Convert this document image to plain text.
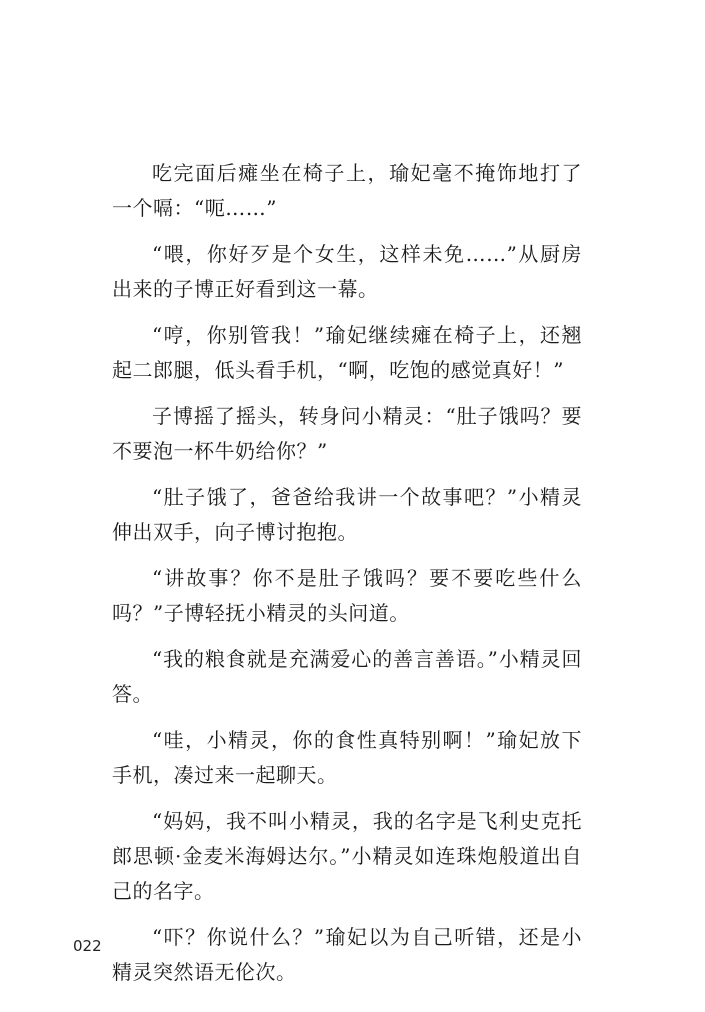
吃完面后瘫坐在椅子上，瑜妃毫不掩饰地打了一个嗝：“呃……”

“喂，你好歹是个女生，这样未免……”从厨房出来的子博正好看到这一幕。

“哼，你别管我！”瑜妃继续瘫在椅子上，还翘起二郎腿，低头看手机，“啊，吃饱的感觉真好！”

子博摇了摇头，转身问小精灵：“肚子饿吗？要不要泡一杯牛奶给你？”

“肚子饿了，爸爸给我讲一个故事吧？”小精灵伸出双手，向子博讨抱抱。

“讲故事？你不是肚子饿吗？要不要吃些什么吗？”子博轻抚小精灵的头问道。

“我的粮食就是充满爱心的善言善语。”小精灵回答。

“哇，小精灵，你的食性真特别啊！”瑜妃放下手机，凑过来一起聊天。

“妈妈，我不叫小精灵，我的名字是飞利史克托郎思顿·金麦米海姆达尔。”小精灵如连珠炮般道出自己的名字。

“吓？你说什么？”瑜妃以为自己听错，还是小精灵突然语无伦次。

022
